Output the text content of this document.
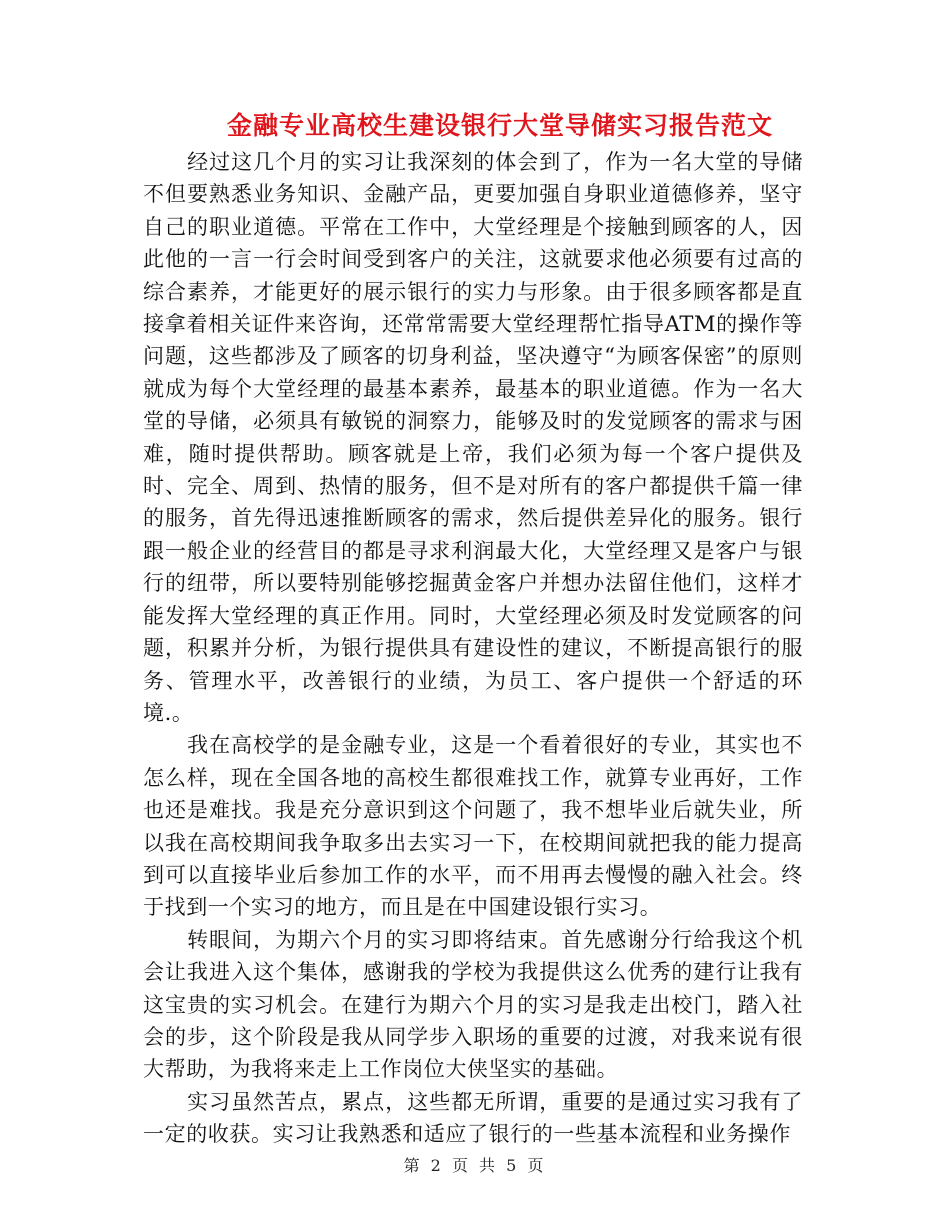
金融专业高校生建设银行大堂导储实习报告范文

经过这几个月的实习让我深刻的体会到了，作为一名大堂的导储不但要熟悉业务知识、金融产品，更要加强自身职业道德修养，坚守自己的职业道德。平常在工作中，大堂经理是个接触到顾客的人，因此他的一言一行会时间受到客户的关注，这就要求他必须要有过高的综合素养，才能更好的展示银行的实力与形象。由于很多顾客都是直接拿着相关证件来咨询，还常常需要大堂经理帮忙指导ATM的操作等问题，这些都涉及了顾客的切身利益，坚决遵守“为顾客保密”的原则就成为每个大堂经理的最基本素养，最基本的职业道德。作为一名大堂的导储，必须具有敏锐的洞察力，能够及时的发觉顾客的需求与困难，随时提供帮助。顾客就是上帝，我们必须为每一个客户提供及时、完全、周到、热情的服务，但不是对所有的客户都提供千篇一律的服务，首先得迅速推断顾客的需求，然后提供差异化的服务。银行跟一般企业的经营目的都是寻求利润最大化，大堂经理又是客户与银行的纽带，所以要特别能够挖掘黄金客户并想办法留住他们，这样才能发挥大堂经理的真正作用。同时，大堂经理必须及时发觉顾客的问题，积累并分析，为银行提供具有建设性的建议，不断提高银行的服务、管理水平，改善银行的业绩，为员工、客户提供一个舒适的环境.。

我在高校学的是金融专业，这是一个看着很好的专业，其实也不怎么样，现在全国各地的高校生都很难找工作，就算专业再好，工作也还是难找。我是充分意识到这个问题了，我不想毕业后就失业，所以我在高校期间我争取多出去实习一下，在校期间就把我的能力提高到可以直接毕业后参加工作的水平，而不用再去慢慢的融入社会。终于找到一个实习的地方，而且是在中国建设银行实习。

转眼间，为期六个月的实习即将结束。首先感谢分行给我这个机会让我进入这个集体，感谢我的学校为我提供这么优秀的建行让我有这宝贵的实习机会。在建行为期六个月的实习是我走出校门，踏入社会的步，这个阶段是我从同学步入职场的重要的过渡，对我来说有很大帮助，为我将来走上工作岗位大侠坚实的基础。

实习虽然苦点，累点，这些都无所谓，重要的是通过实习我有了一定的收获。实习让我熟悉和适应了银行的一些基本流程和业务操作

第 2 页 共 5 页
